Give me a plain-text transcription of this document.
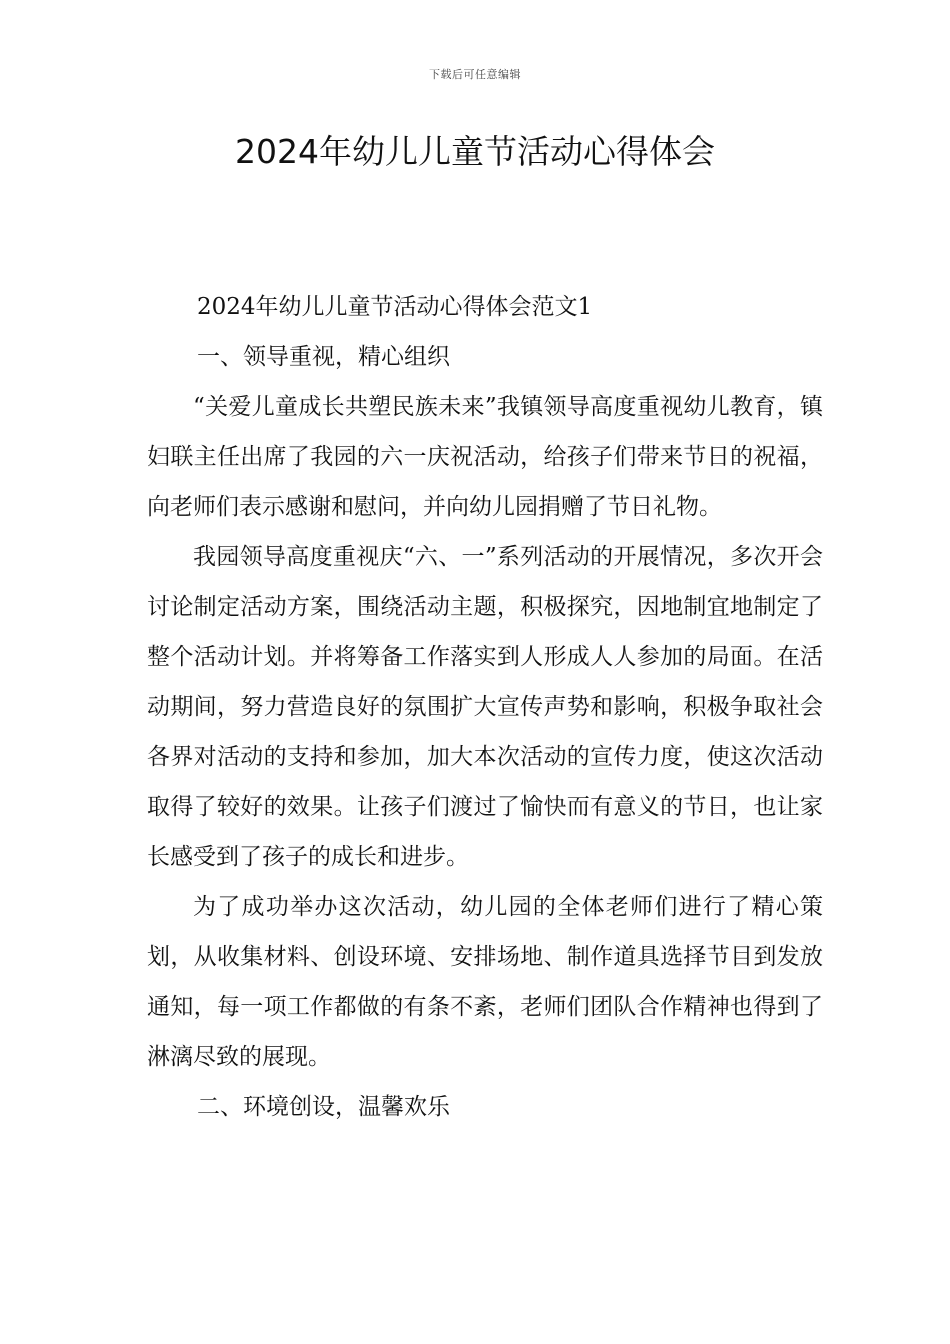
下载后可任意编辑
2024年幼儿儿童节活动心得体会

2024年幼儿儿童节活动心得体会范文1

一、领导重视，精心组织

“关爱儿童成长共塑民族未来”我镇领导高度重视幼儿教育，镇妇联主任出席了我园的六一庆祝活动，给孩子们带来节日的祝福，向老师们表示感谢和慰问，并向幼儿园捐赠了节日礼物。

我园领导高度重视庆“六、一”系列活动的开展情况，多次开会讨论制定活动方案，围绕活动主题，积极探究，因地制宜地制定了整个活动计划。并将筹备工作落实到人形成人人参加的局面。在活动期间，努力营造良好的氛围扩大宣传声势和影响，积极争取社会各界对活动的支持和参加，加大本次活动的宣传力度，使这次活动取得了较好的效果。让孩子们渡过了愉快而有意义的节日，也让家长感受到了孩子的成长和进步。

为了成功举办这次活动，幼儿园的全体老师们进行了精心策划，从收集材料、创设环境、安排场地、制作道具选择节目到发放通知，每一项工作都做的有条不紊，老师们团队合作精神也得到了淋漓尽致的展现。

二、环境创设，温馨欢乐
